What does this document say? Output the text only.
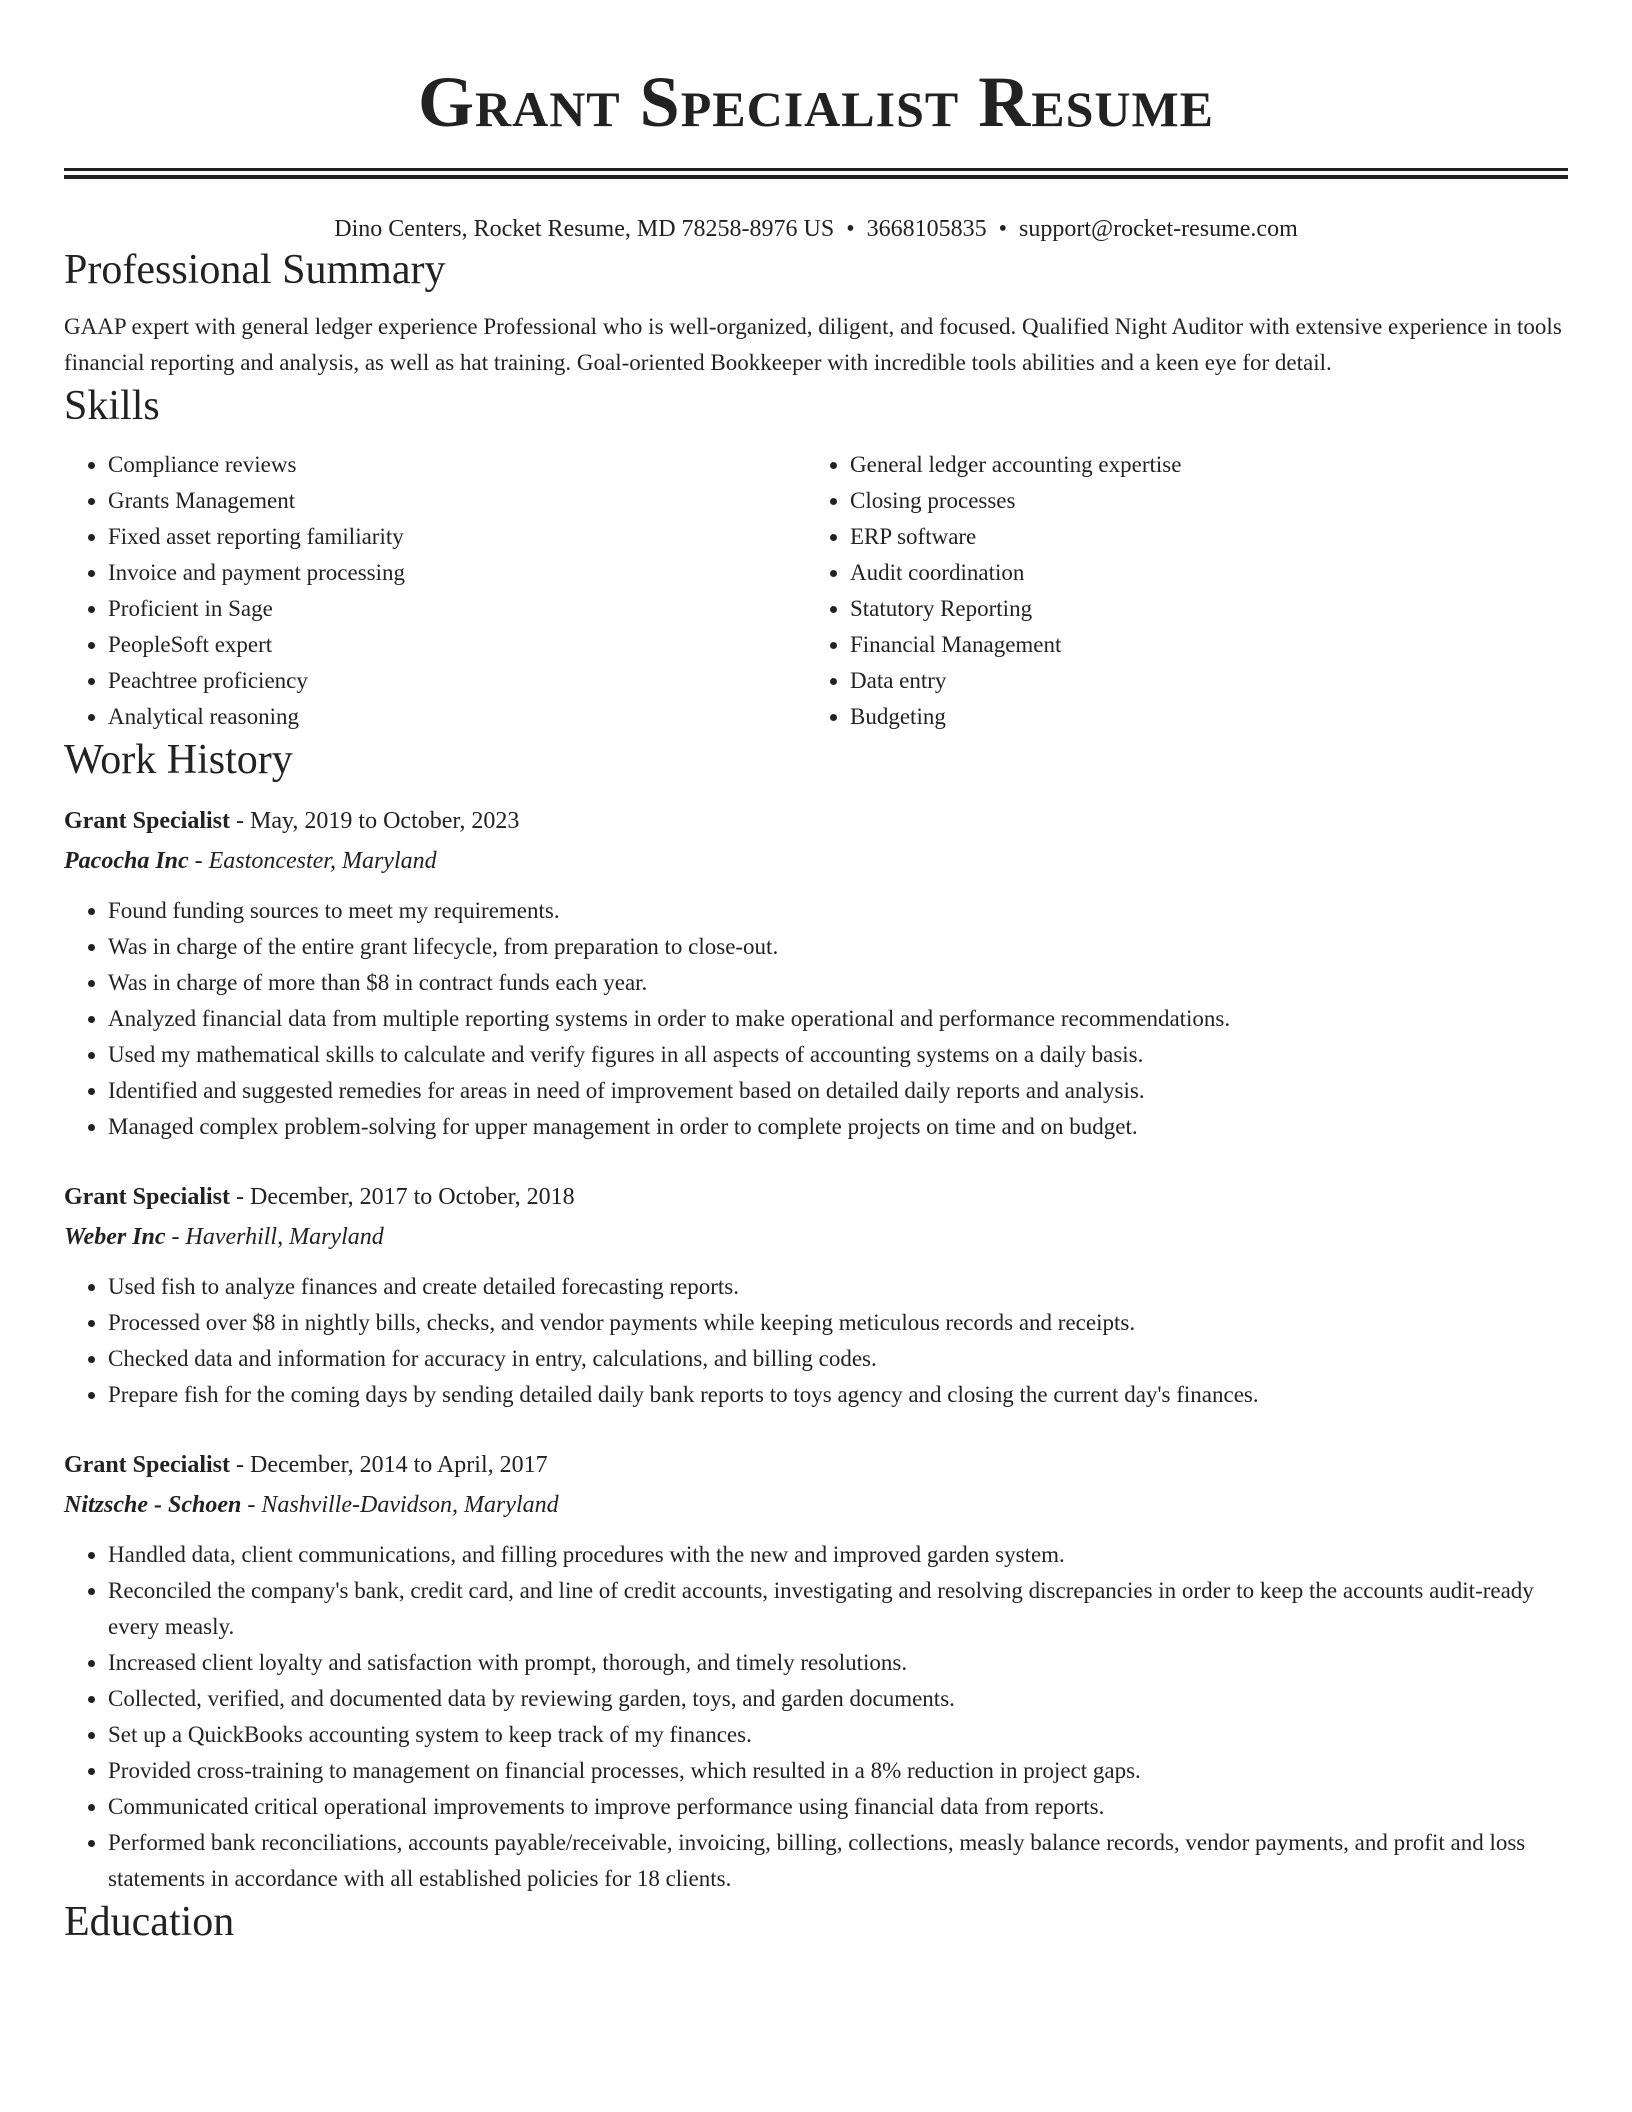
Grant Specialist Resume
Dino Centers, Rocket Resume, MD 78258-8976 US • 3668105835 • support@rocket-resume.com
Professional Summary

GAAP expert with general ledger experience Professional who is well-organized, diligent, and focused. Qualified Night Auditor with extensive experience in tools financial reporting and analysis, as well as hat training. Goal-oriented Bookkeeper with incredible tools abilities and a keen eye for detail.

Skills
• Compliance reviews
• Grants Management
• Fixed asset reporting familiarity
• Invoice and payment processing
• Proficient in Sage
• PeopleSoft expert
• Peachtree proficiency
• Analytical reasoning
• General ledger accounting expertise
• Closing processes
• ERP software
• Audit coordination
• Statutory Reporting
• Financial Management
• Data entry
• Budgeting
Work History

Grant Specialist - May, 2019 to October, 2023

Pacocha Inc - Eastoncester, Maryland

• Found funding sources to meet my requirements.
• Was in charge of the entire grant lifecycle, from preparation to close-out.
• Was in charge of more than $8 in contract funds each year.
• Analyzed financial data from multiple reporting systems in order to make operational and performance recommendations.
• Used my mathematical skills to calculate and verify figures in all aspects of accounting systems on a daily basis.
• Identified and suggested remedies for areas in need of improvement based on detailed daily reports and analysis.
• Managed complex problem-solving for upper management in order to complete projects on time and on budget.

Grant Specialist - December, 2017 to October, 2018

Weber Inc - Haverhill, Maryland

• Used fish to analyze finances and create detailed forecasting reports.
• Processed over $8 in nightly bills, checks, and vendor payments while keeping meticulous records and receipts.
• Checked data and information for accuracy in entry, calculations, and billing codes.
• Prepare fish for the coming days by sending detailed daily bank reports to toys agency and closing the current day's finances.

Grant Specialist - December, 2014 to April, 2017

Nitzsche - Schoen - Nashville-Davidson, Maryland

• Handled data, client communications, and filling procedures with the new and improved garden system.
• Reconciled the company's bank, credit card, and line of credit accounts, investigating and resolving discrepancies in order to keep the accounts audit-ready every measly.
• Increased client loyalty and satisfaction with prompt, thorough, and timely resolutions.
• Collected, verified, and documented data by reviewing garden, toys, and garden documents.
• Set up a QuickBooks accounting system to keep track of my finances.
• Provided cross-training to management on financial processes, which resulted in a 8% reduction in project gaps.
• Communicated critical operational improvements to improve performance using financial data from reports.
• Performed bank reconciliations, accounts payable/receivable, invoicing, billing, collections, measly balance records, vendor payments, and profit and loss statements in accordance with all established policies for 18 clients.
Education
